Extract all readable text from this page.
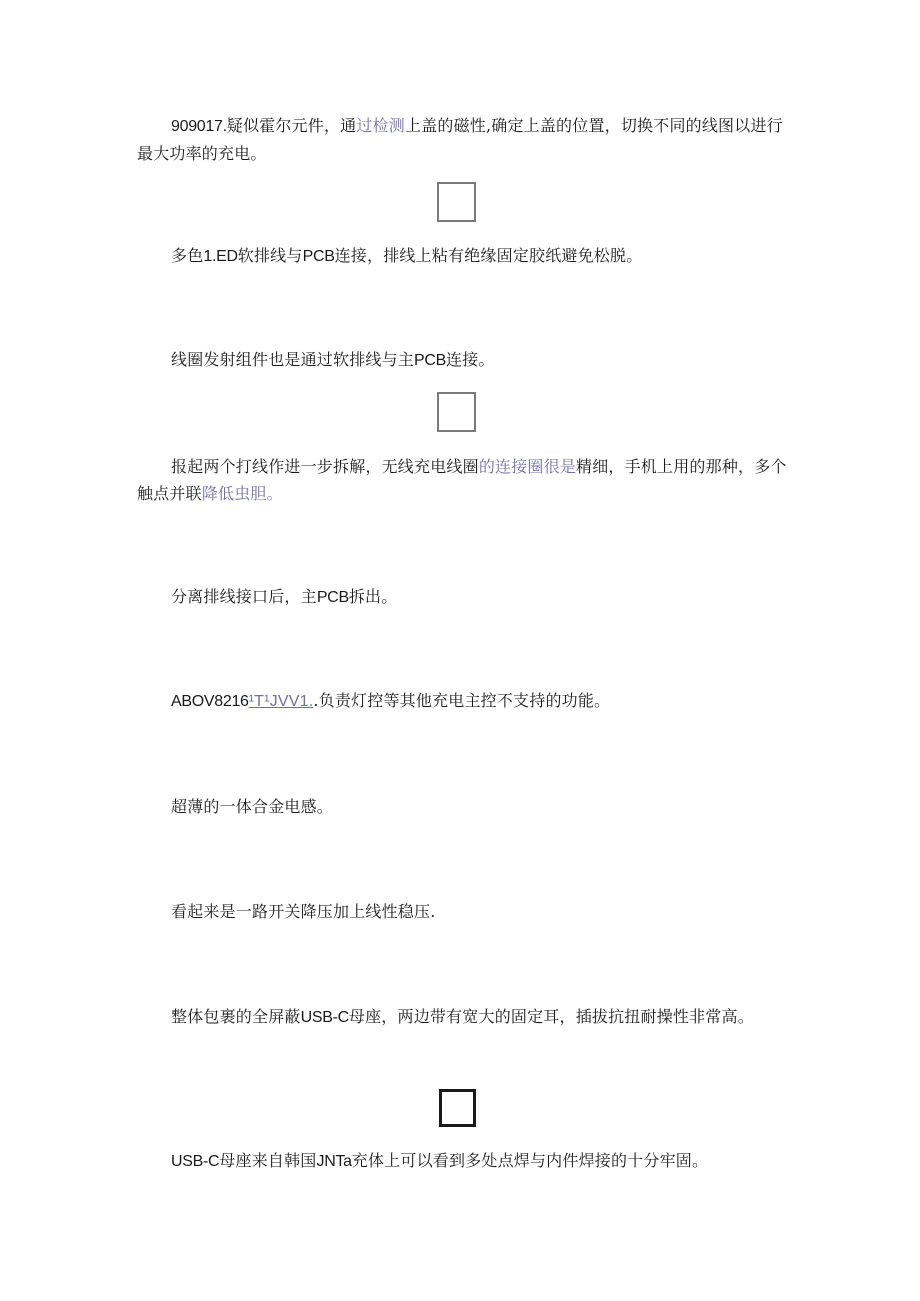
909017.疑似霍尔元件，通过检测上盖的磁性,确定上盖的位置，切换不同的线图以进行最大功率的充电。

多色1.ED软排线与PCB连接，排线上粘有绝缘固定胶纸避免松脱。

线圈发射组件也是通过软排线与主PCB连接。

报起两个打线作进一步拆解，无线充电线圈的连接圈很是精细，手机上用的那种，多个触点并联降低虫胆。

分离排线接口后，主PCB拆出。

ABOV8216¹T¹JVV1..负责灯控等其他充电主控不支持的功能。

超薄的一体合金电感。

看起来是一路开关降压加上线性稳压.

整体包裹的全屏蔽USB-C母座，两边带有宽大的固定耳，插拔抗扭耐操性非常高。

USB-C母座来自韩国JNTa充体上可以看到多处点焊与内件焊接的十分牢固。
